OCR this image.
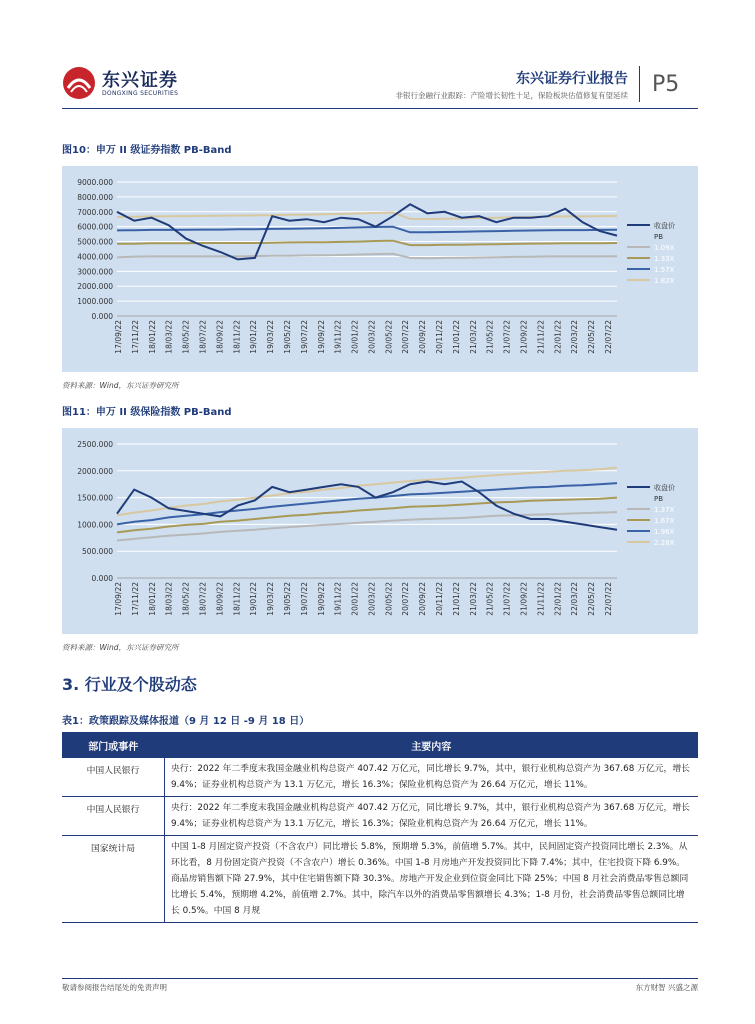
东兴证券
DONGXING SECURITIES
东兴证券行业报告
非银行金融行业跟踪：产险增长韧性十足，保险板块估值修复有望延续 P5
图10：申万 II 级证券指数 PB-Band
9000.000
8000.000
7000.000
6000.000
5000.000
4000.000
3000.000
2000.000
1000.000
0.000
17/09/22 17/11/22 18/01/22 18/03/22 18/05/22 18/07/22 18/09/22 18/11/22 19/01/22 19/03/22 19/05/22 19/07/22 19/09/22 19/11/22 20/01/22 20/03/22 20/05/22 20/07/22 20/09/22 20/11/22 21/01/22 21/03/22 21/05/22 21/07/22 21/09/22 21/11/22 22/01/22 22/03/22 22/05/22 22/07/22
收盘价
PB
1.09X
1.33X
1.57X
1.82X
资料来源：Wind，东兴证券研究所
图11：申万 II 级保险指数 PB-Band
2500.000
2000.000
1500.000
1000.000
500.000
0.000
17/09/22 17/11/22 18/01/22 18/03/22 18/05/22 18/07/22 18/09/22 18/11/22 19/01/22 19/03/22 19/05/22 19/07/22 19/09/22 19/11/22 20/01/22 20/03/22 20/05/22 20/07/22 20/09/22 20/11/22 21/01/22 21/03/22 21/05/22 21/07/22 21/09/22 21/11/22 22/01/22 22/03/22 22/05/22 22/07/22
收盘价
PB
1.37X
1.67X
1.96X
2.28X
资料来源：Wind，东兴证券研究所
3. 行业及个股动态
表1：政策跟踪及媒体报道（9 月 12 日 -9 月 18 日）
部门或事件	主要内容
中国人民银行	央行：2022 年二季度末我国金融业机构总资产 407.42 万亿元，同比增长 9.7%，其中，银行业机构总资产为 367.68 万亿元，增长 9.4%；证券业机构总资产为 13.1 万亿元，增长 16.3%；保险业机构总资产为 26.64 万亿元，增长 11%。
中国人民银行	央行：2022 年二季度末我国金融业机构总资产 407.42 万亿元，同比增长 9.7%，其中，银行业机构总资产为 367.68 万亿元，增长 9.4%；证券业机构总资产为 13.1 万亿元，增长 16.3%；保险业机构总资产为 26.64 万亿元，增长 11%。
国家统计局	中国 1-8 月固定资产投资（不含农户）同比增长 5.8%，预期增 5.3%，前值增 5.7%。其中，民间固定资产投资同比增长 2.3%。从环比看，8 月份固定资产投资（不含农户）增长 0.36%。中国 1-8 月房地产开发投资同比下降 7.4%；其中，住宅投资下降 6.9%。商品房销售额下降 27.9%，其中住宅销售额下降 30.3%。房地产开发企业到位资金同比下降 25%；中国 8 月社会消费品零售总额同比增长 5.4%，预期增 4.2%，前值增 2.7%。其中，除汽车以外的消费品零售额增长 4.3%；1-8 月份，社会消费品零售总额同比增长 0.5%。中国 8 月规
敬请参阅报告结尾处的免责声明	东方财智 兴盛之源
